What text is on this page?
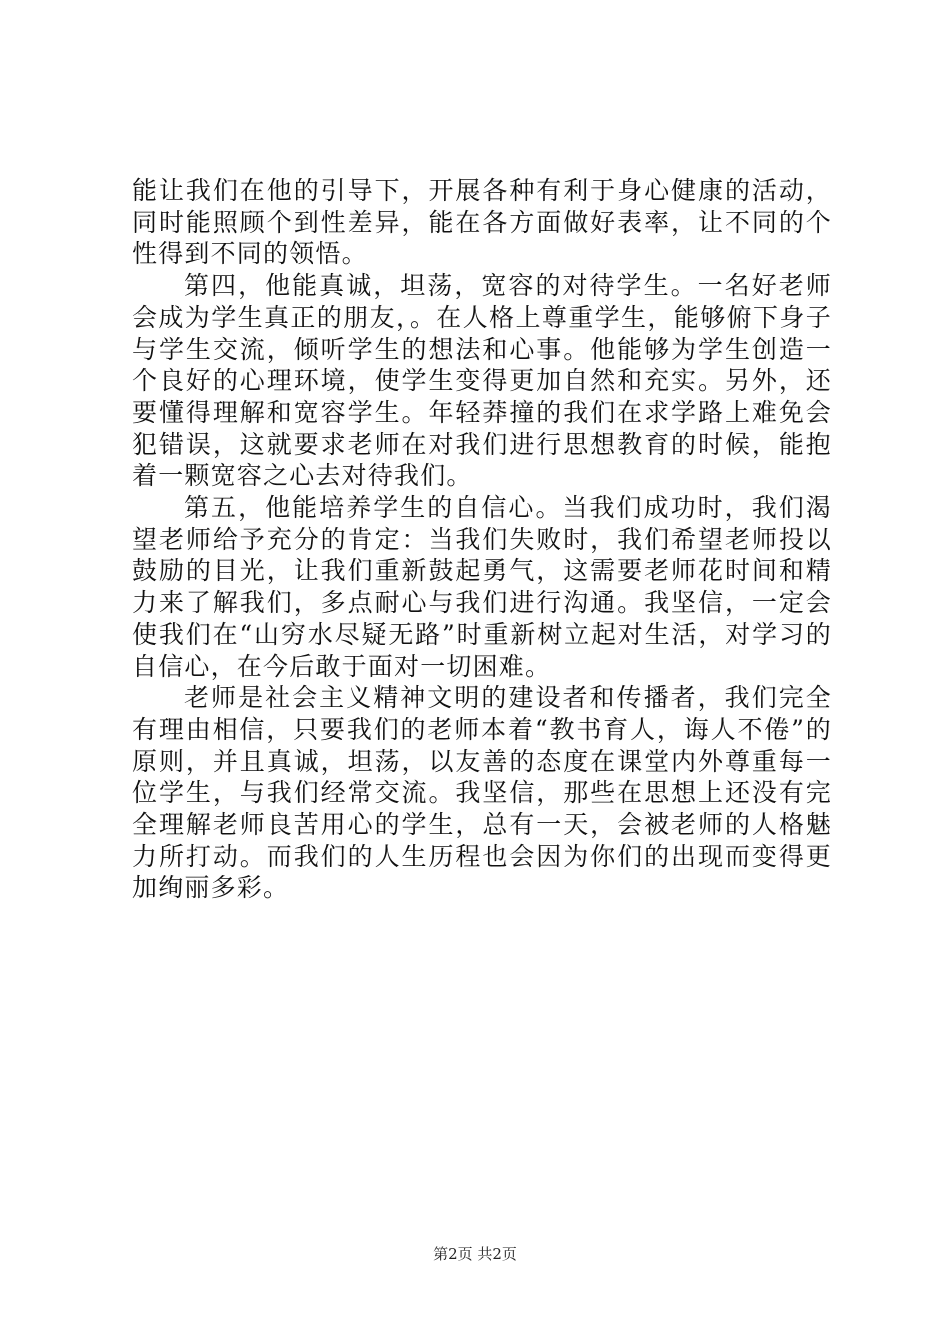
能让我们在他的引导下，开展各种有利于身心健康的活动，同时能照顾个到性差异，能在各方面做好表率，让不同的个性得到不同的领悟。

第四，他能真诚，坦荡，宽容的对待学生。一名好老师会成为学生真正的朋友，。在人格上尊重学生，能够俯下身子与学生交流，倾听学生的想法和心事。他能够为学生创造一个良好的心理环境，使学生变得更加自然和充实。另外，还要懂得理解和宽容学生。年轻莽撞的我们在求学路上难免会犯错误，这就要求老师在对我们进行思想教育的时候，能抱着一颗宽容之心去对待我们。

第五，他能培养学生的自信心。当我们成功时，我们渴望老师给予充分的肯定：当我们失败时，我们希望老师投以鼓励的目光，让我们重新鼓起勇气，这需要老师花时间和精力来了解我们，多点耐心与我们进行沟通。我坚信，一定会使我们在“山穷水尽疑无路”时重新树立起对生活，对学习的自信心，在今后敢于面对一切困难。

老师是社会主义精神文明的建设者和传播者，我们完全有理由相信，只要我们的老师本着“教书育人，诲人不倦”的原则，并且真诚，坦荡，以友善的态度在课堂内外尊重每一位学生，与我们经常交流。我坚信，那些在思想上还没有完全理解老师良苦用心的学生，总有一天，会被老师的人格魅力所打动。而我们的人生历程也会因为你们的出现而变得更加绚丽多彩。

第2页 共2页
